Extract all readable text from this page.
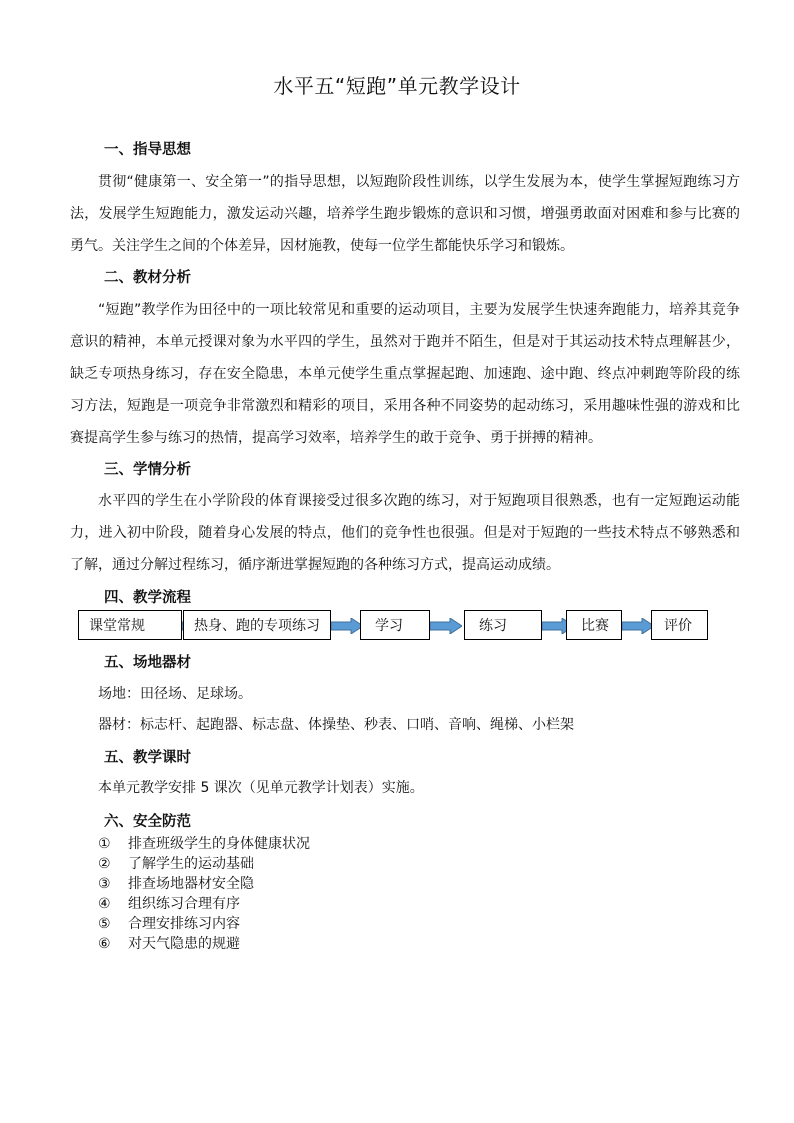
水平五“短跑”单元教学设计
一、指导思想
贯彻“健康第一、安全第一”的指导思想，以短跑阶段性训练，以学生发展为本，使学生掌握短跑练习方法，发展学生短跑能力，激发运动兴趣，培养学生跑步锻炼的意识和习惯，增强勇敢面对困难和参与比赛的勇气。关注学生之间的个体差异，因材施教，使每一位学生都能快乐学习和锻炼。
二、教材分析
“短跑”教学作为田径中的一项比较常见和重要的运动项目，主要为发展学生快速奔跑能力，培养其竞争意识的精神，本单元授课对象为水平四的学生，虽然对于跑并不陌生，但是对于其运动技术特点理解甚少，缺乏专项热身练习，存在安全隐患，本单元使学生重点掌握起跑、加速跑、途中跑、终点冲刺跑等阶段的练习方法，短跑是一项竞争非常激烈和精彩的项目，采用各种不同姿势的起动练习，采用趣味性强的游戏和比赛提高学生参与练习的热情，提高学习效率，培养学生的敢于竞争、勇于拼搏的精神。
三、学情分析
水平四的学生在小学阶段的体育课接受过很多次跑的练习，对于短跑项目很熟悉，也有一定短跑运动能力，进入初中阶段，随着身心发展的特点，他们的竞争性也很强。但是对于短跑的一些技术特点不够熟悉和了解，通过分解过程练习，循序渐进掌握短跑的各种练习方式，提高运动成绩。
四、教学流程
课堂常规	热身、跑的专项练习	学习	练习	比赛	评价
五、场地器材
场地：田径场、足球场。
器材：标志杆、起跑器、标志盘、体操垫、秒表、口哨、音响、绳梯、小栏架
五、教学课时
本单元教学安排 5 课次（见单元教学计划表）实施。
六、安全防范
①	排查班级学生的身体健康状况
②	了解学生的运动基础
③	排查场地器材安全隐
④	组织练习合理有序
⑤	合理安排练习内容
⑥	对天气隐患的规避
